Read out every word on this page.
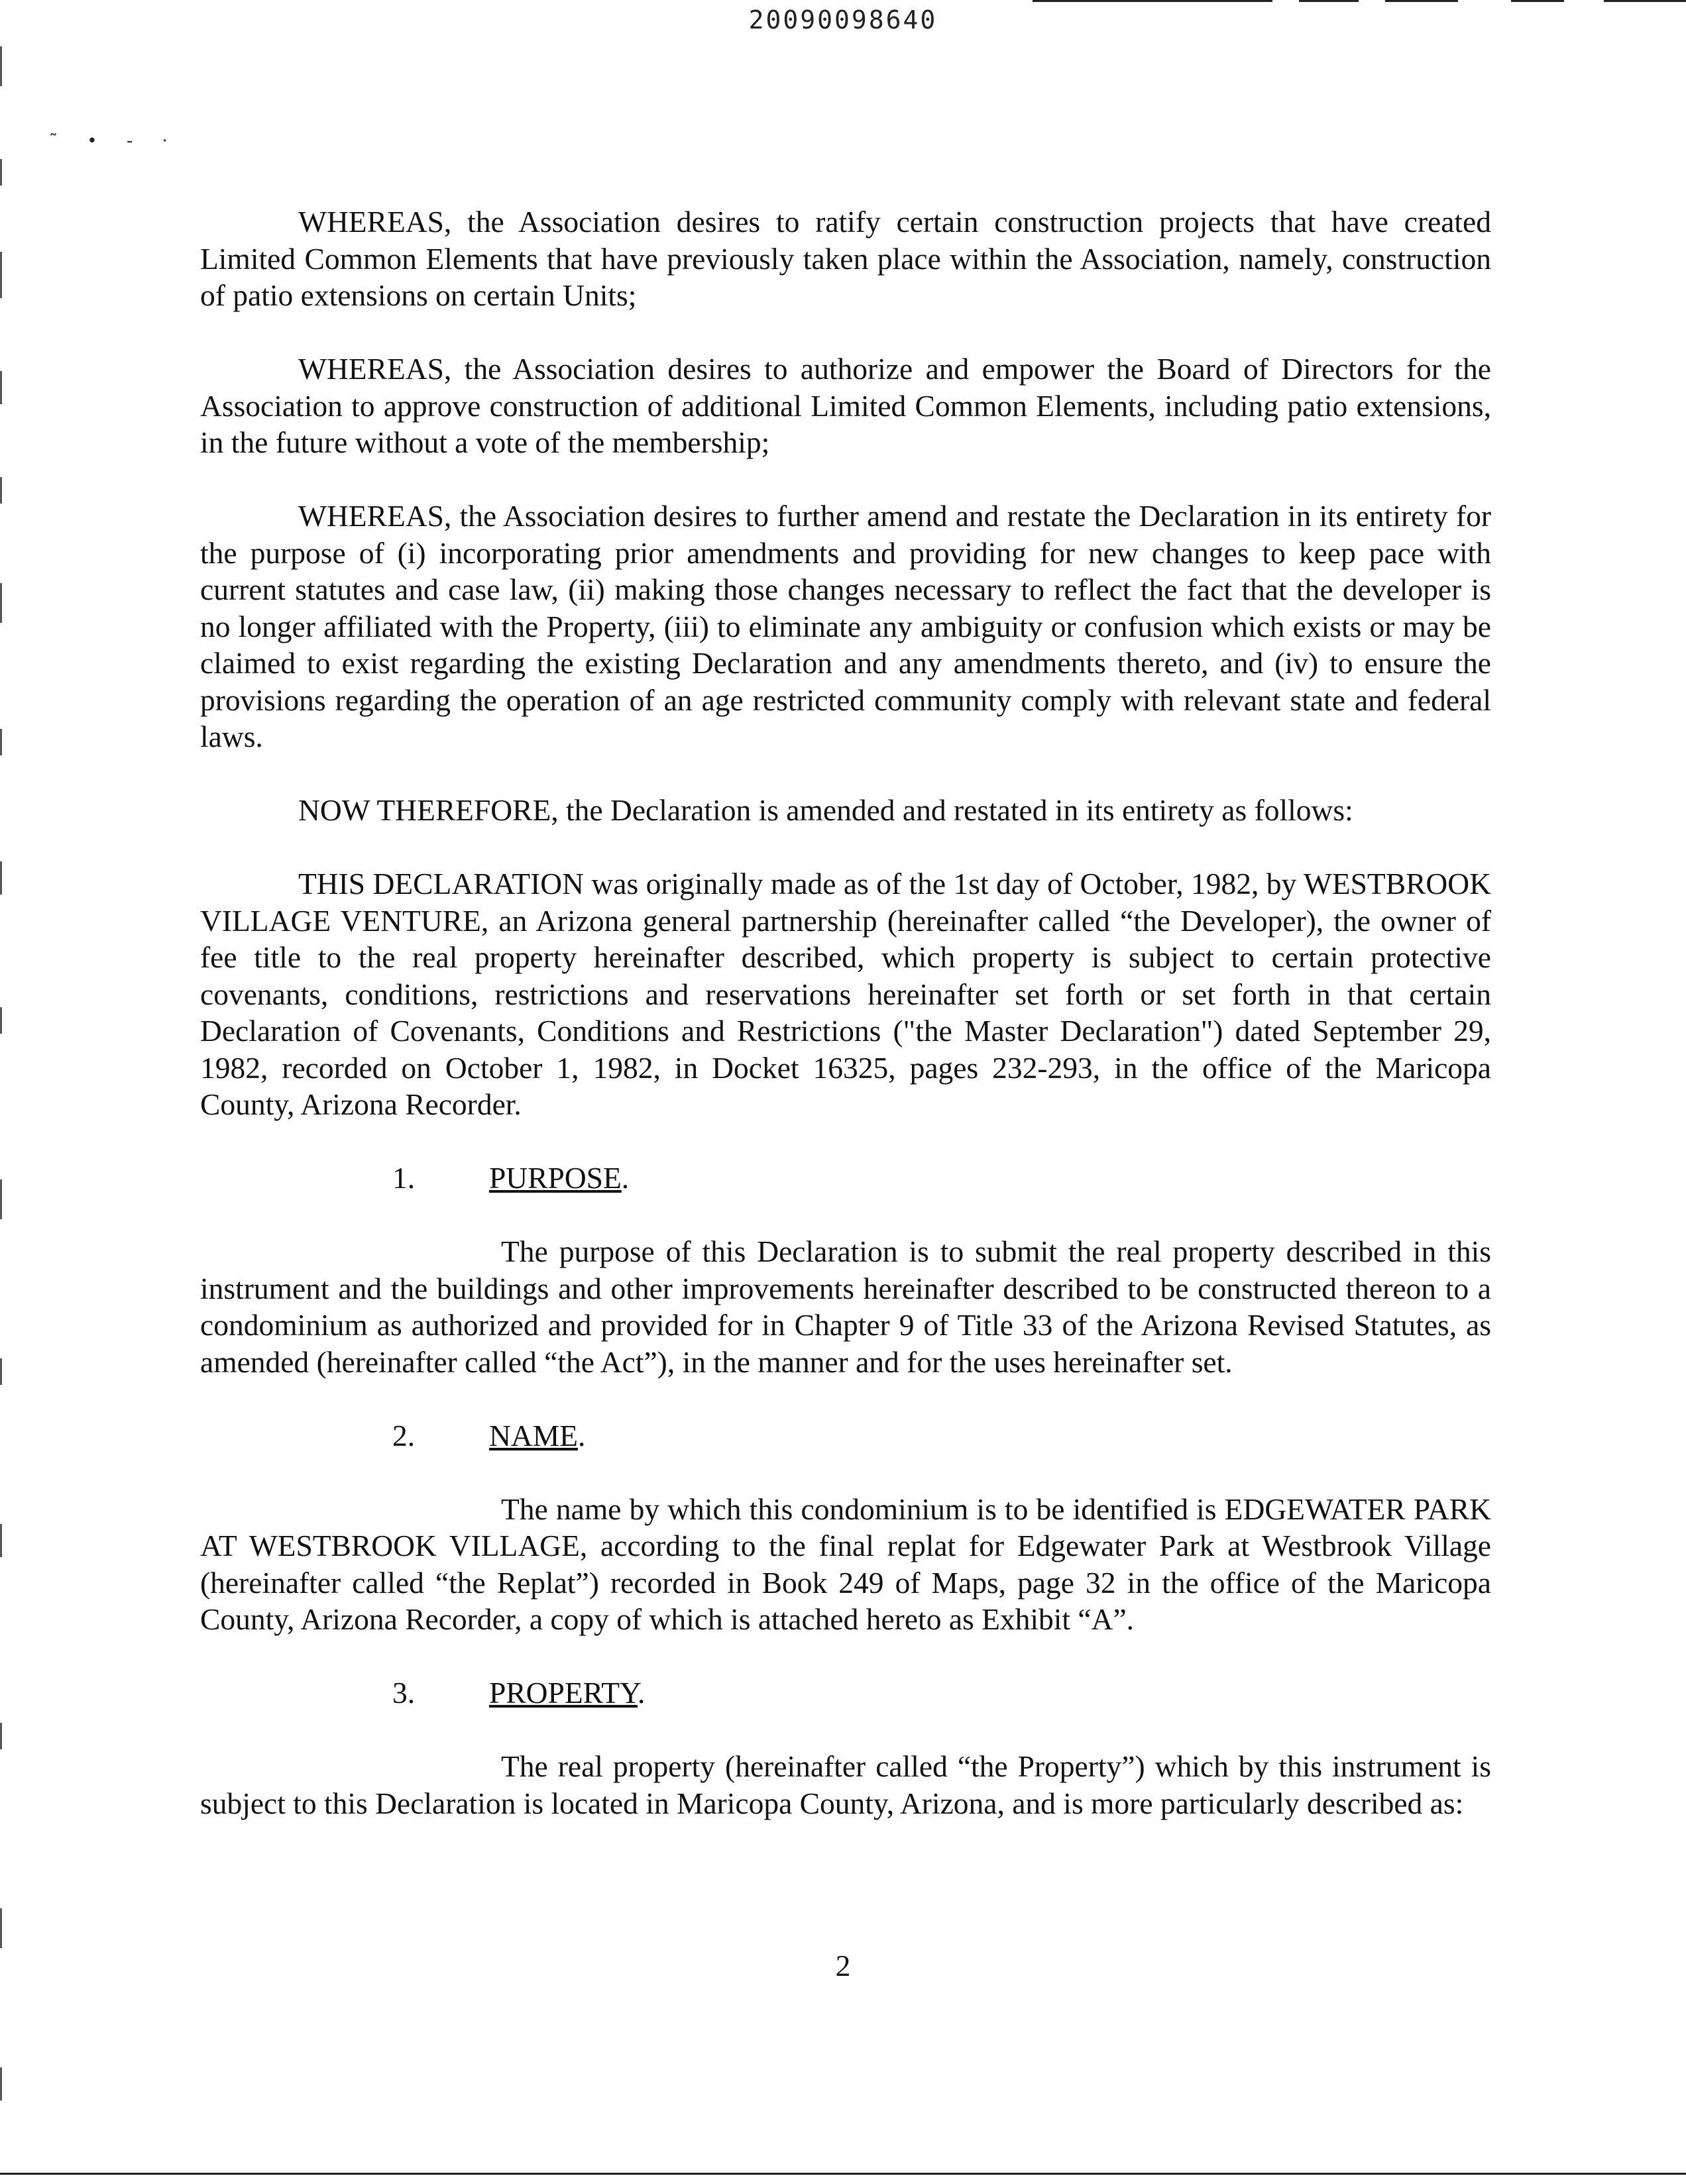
˜ • - ·
20090098640

WHEREAS, the Association desires to ratify certain construction projects that have created Limited Common Elements that have previously taken place within the Association, namely, construction of patio extensions on certain Units;

WHEREAS, the Association desires to authorize and empower the Board of Directors for the Association to approve construction of additional Limited Common Elements, including patio extensions, in the future without a vote of the membership;

WHEREAS, the Association desires to further amend and restate the Declaration in its entirety for the purpose of (i) incorporating prior amendments and providing for new changes to keep pace with current statutes and case law, (ii) making those changes necessary to reflect the fact that the developer is no longer affiliated with the Property, (iii) to eliminate any ambiguity or confusion which exists or may be claimed to exist regarding the existing Declaration and any amendments thereto, and (iv) to ensure the provisions regarding the operation of an age restricted community comply with relevant state and federal laws.

NOW THEREFORE, the Declaration is amended and restated in its entirety as follows:

THIS DECLARATION was originally made as of the 1st day of October, 1982, by WESTBROOK VILLAGE VENTURE, an Arizona general partnership (hereinafter called “the Developer), the owner of fee title to the real property hereinafter described, which property is subject to certain protective covenants, conditions, restrictions and reservations hereinafter set forth or set forth in that certain Declaration of Covenants, Conditions and Restrictions ("the Master Declaration") dated September 29, 1982, recorded on October 1, 1982, in Docket 16325, pages 232-293, in the office of the Maricopa County, Arizona Recorder.

1. PURPOSE.

The purpose of this Declaration is to submit the real property described in this instrument and the buildings and other improvements hereinafter described to be constructed thereon to a condominium as authorized and provided for in Chapter 9 of Title 33 of the Arizona Revised Statutes, as amended (hereinafter called “the Act”), in the manner and for the uses hereinafter set.

2. NAME.

The name by which this condominium is to be identified is EDGEWATER PARK AT WESTBROOK VILLAGE, according to the final replat for Edgewater Park at Westbrook Village (hereinafter called “the Replat”) recorded in Book 249 of Maps, page 32 in the office of the Maricopa County, Arizona Recorder, a copy of which is attached hereto as Exhibit “A”.

3. PROPERTY.

The real property (hereinafter called “the Property”) which by this instrument is subject to this Declaration is located in Maricopa County, Arizona, and is more particularly described as:

2
